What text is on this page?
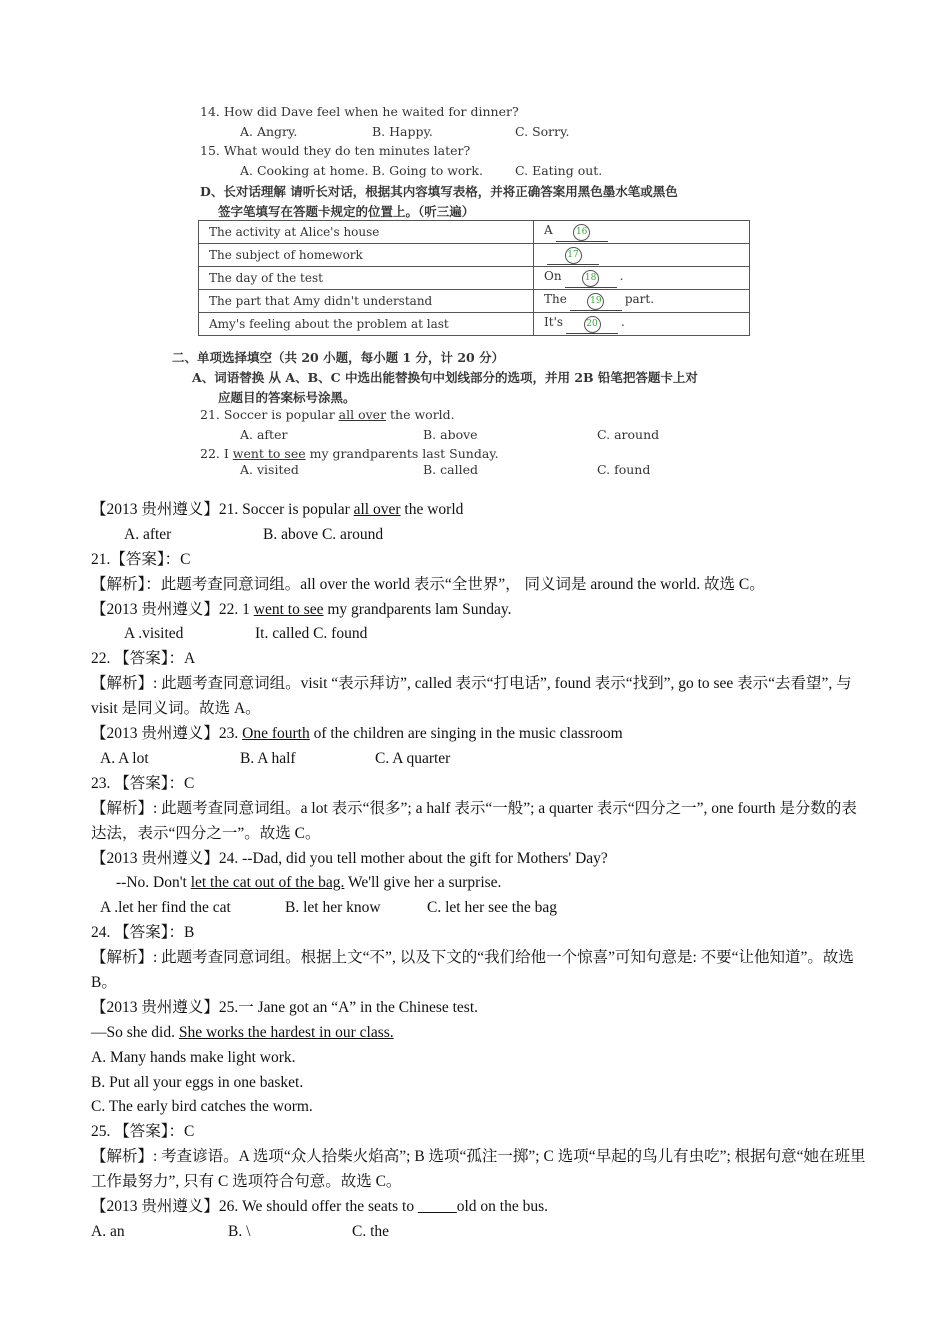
14. How did Dave feel when he waited for dinner?
A. Angry.	B. Happy.	C. Sorry.
15. What would they do ten minutes later?
A. Cooking at home. B. Going to work.	C. Eating out.
D、长对话理解 请听长对话，根据其内容填写表格，并将正确答案用黑色墨水笔或黑色
签字笔填写在答题卡规定的位置上。（听三遍）
The activity at Alice's house	A 16
The subject of homework	17
The day of the test	On 18 .
The part that Amy didn't understand	The 19 part.
Amy's feeling about the problem at last	It's 20 .
二、单项选择填空（共 20 小题，每小题 1 分，计 20 分）
A、词语替换 从 A、B、C 中选出能替换句中划线部分的选项，并用 2B 铅笔把答题卡上对
应题目的答案标号涂黑。
21. Soccer is popular all over the world.
A. after	B. above	C. around
22. I went to see my grandparents last Sunday.
A. visited	B. called	C. found
【2013 贵州遵义】21. Soccer is popular all over the world
A. after	B. above C. around
21.【答案】：C
【解析】：此题考查同意词组。all over the world 表示“全世界”， 同义词是 around the world. 故选 C。
【2013 贵州遵义】22. 1 went to see my grandparents lam Sunday.
A .visited	It. called C. found
22. 【答案】：A
【解析】: 此题考查同意词组。visit “表示拜访”, called 表示“打电话”, found 表示“找到”, go to see 表示“去看望”, 与 visit 是同义词。故选 A。
【2013 贵州遵义】23. One fourth of the children are singing in the music classroom
A. A lot	B. A half	C. A quarter
23. 【答案】：C
【解析】: 此题考查同意词组。a lot 表示“很多”; a half 表示“一般”; a quarter 表示“四分之一”, one fourth 是分数的表达法，表示“四分之一”。故选 C。
【2013 贵州遵义】24. --Dad, did you tell mother about the gift for Mothers' Day?
--No. Don't let the cat out of the bag. We'll give her a surprise.
A .let her find the cat	B. let her know	C. let her see the bag
24. 【答案】：B
【解析】: 此题考查同意词组。根据上文“不”, 以及下文的“我们给他一个惊喜”可知句意是: 不要“让他知道”。故选 B。
【2013 贵州遵义】25.一 Jane got an “A” in the Chinese test.
—So she did. She works the hardest in our class.
A. Many hands make light work.
B. Put all your eggs in one basket.
C. The early bird catches the worm.
25. 【答案】：C
【解析】: 考查谚语。A 选项“众人拾柴火焰高”; B 选项“孤注一掷”; C 选项“早起的鸟儿有虫吃”; 根据句意“她在班里工作最努力”, 只有 C 选项符合句意。故选 C。
【2013 贵州遵义】26. We should offer the seats to _____old on the bus.
A. an	B. \	C. the
